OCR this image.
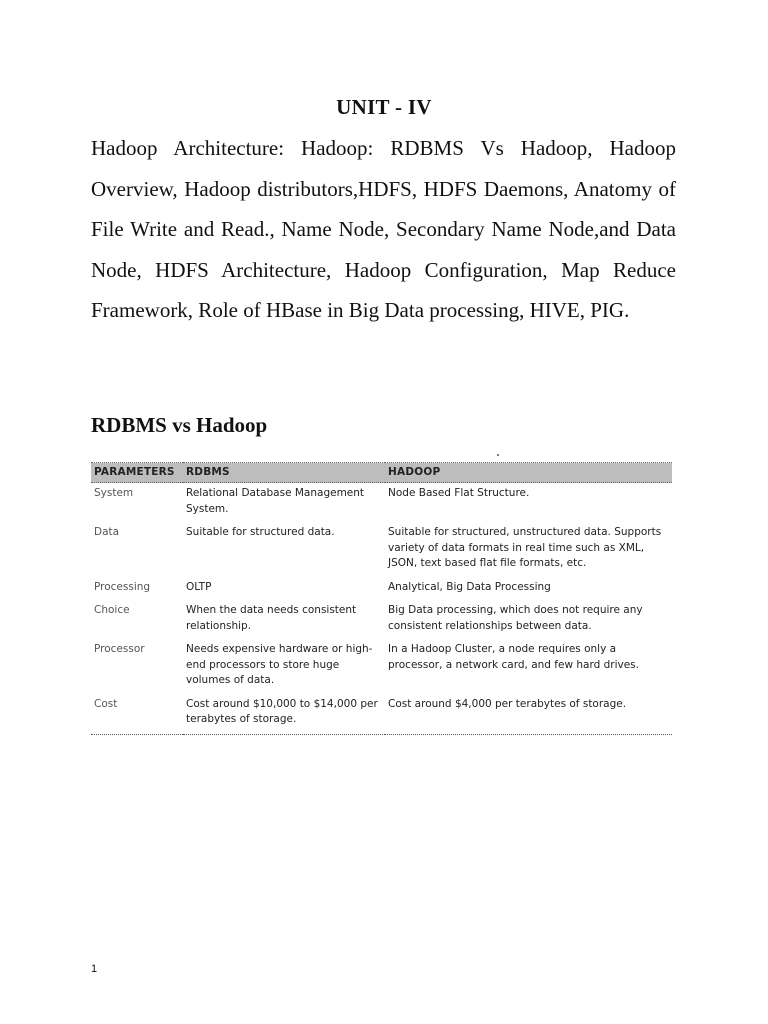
UNIT - IV

Hadoop Architecture: Hadoop: RDBMS Vs Hadoop, Hadoop Overview, Hadoop distributors,HDFS, HDFS Daemons, Anatomy of File Write and Read., Name Node, Secondary Name Node,and Data Node, HDFS Architecture, Hadoop Configuration, Map Reduce Framework, Role of HBase in Big Data processing, HIVE, PIG.

RDBMS vs Hadoop
PARAMETERS	RDBMS	HADOOP
System	Relational Database Management System.	Node Based Flat Structure.
Data	Suitable for structured data.	Suitable for structured, unstructured data. Supports variety of data formats in real time such as XML, JSON, text based flat file formats, etc.
Processing	OLTP	Analytical, Big Data Processing
Choice	When the data needs consistent relationship.	Big Data processing, which does not require any consistent relationships between data.
Processor	Needs expensive hardware or high-end processors to store huge volumes of data.	In a Hadoop Cluster, a node requires only a processor, a network card, and few hard drives.
Cost	Cost around $10,000 to $14,000 per terabytes of storage.	Cost around $4,000 per terabytes of storage.
1
